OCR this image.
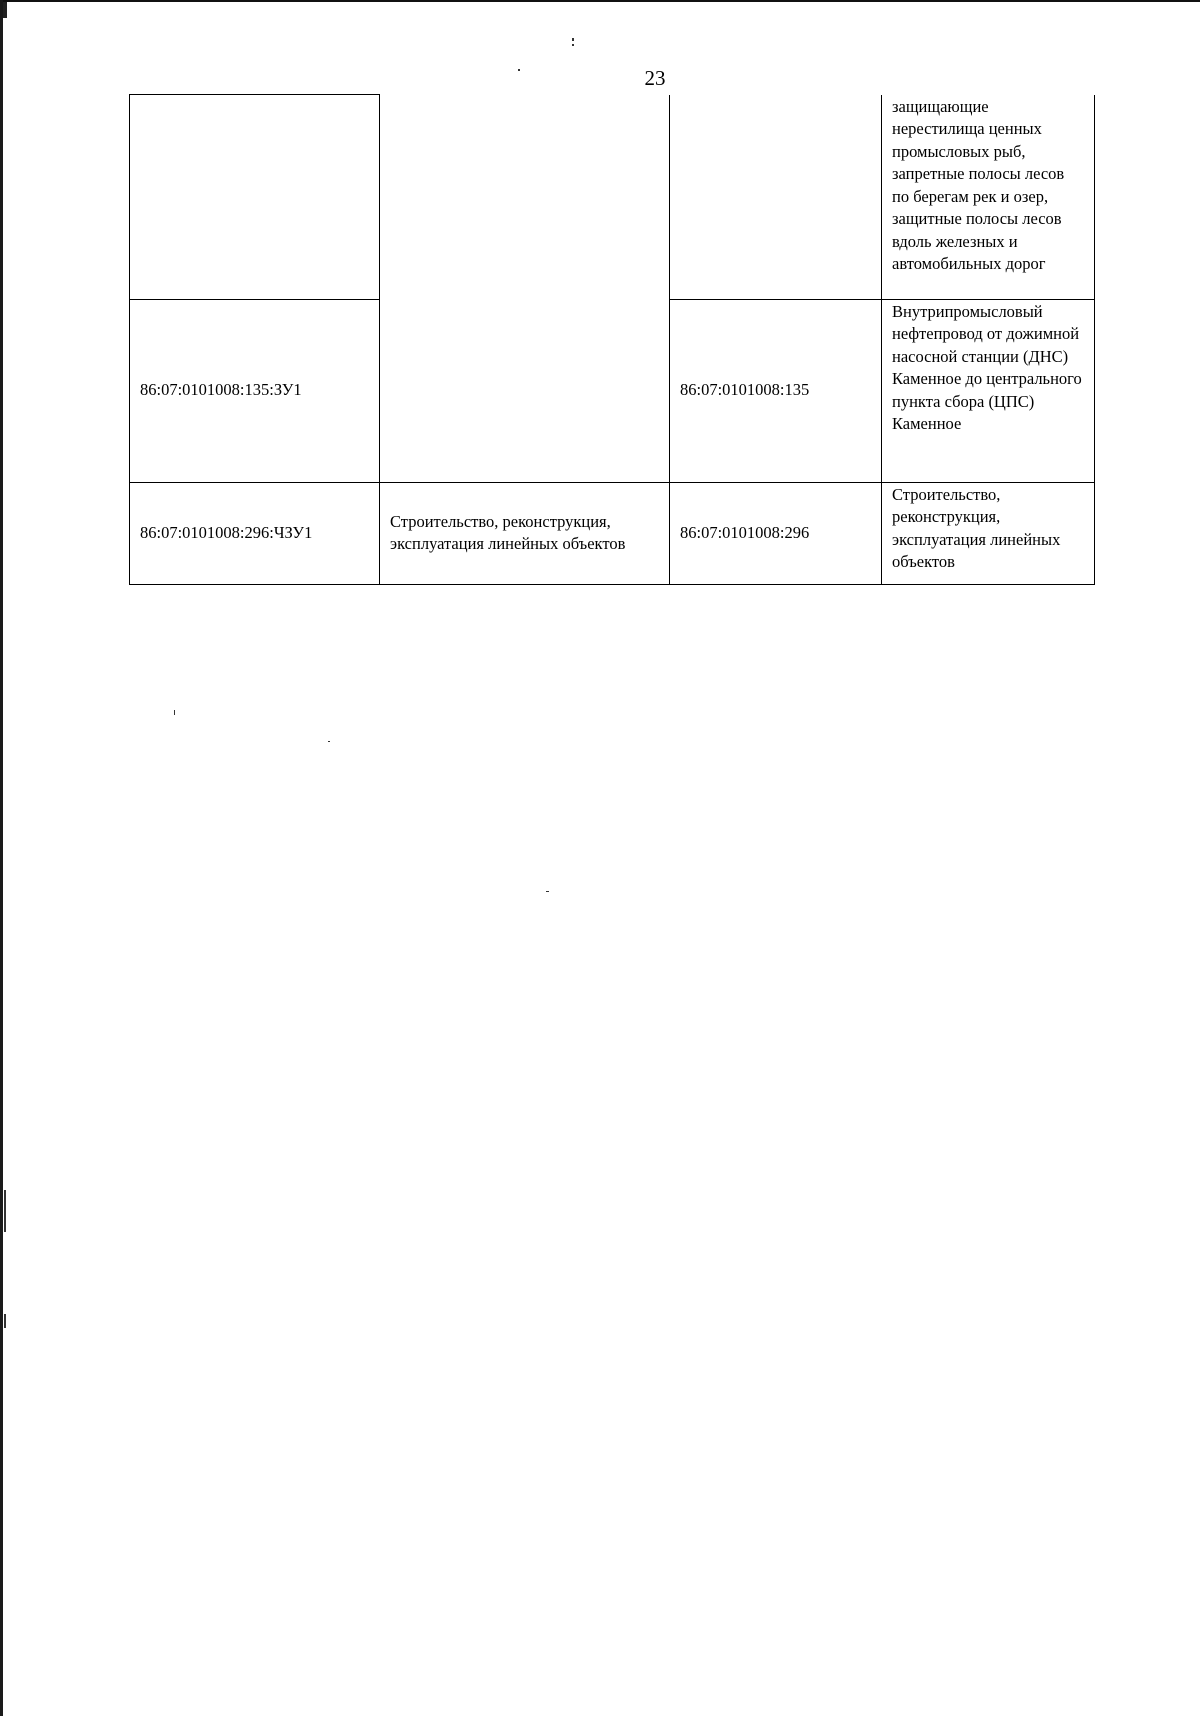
23
			защищающие нерестилища ценных промысловых рыб, запретные полосы лесов по берегам рек и озер, защитные полосы лесов вдоль железных и автомобильных дорог
86:07:0101008:135:ЗУ1		86:07:0101008:135	Внутрипромысловый нефтепровод от дожимной насосной станции (ДНС) Каменное до центрального пункта сбора (ЦПС) Каменное
86:07:0101008:296:ЧЗУ1	Строительство, реконструкция, эксплуатация линейных объектов	86:07:0101008:296	Строительство, реконструкция, эксплуатация линейных объектов
